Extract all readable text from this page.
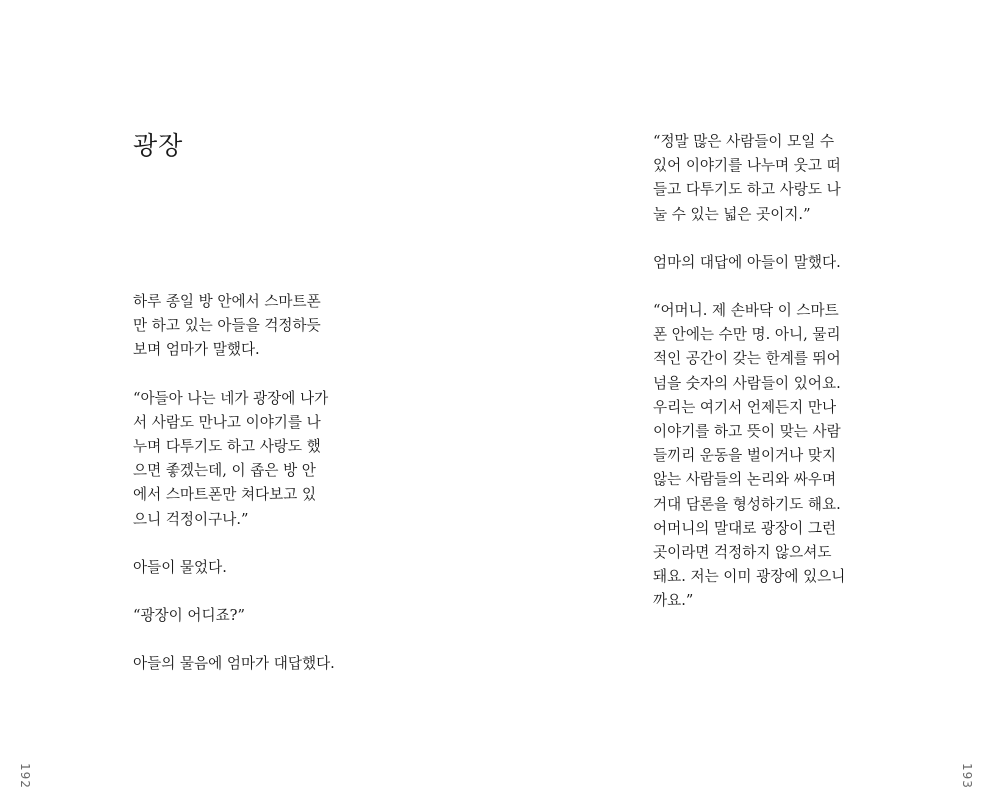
광장
하루 종일 방 안에서 스마트폰
만 하고 있는 아들을 걱정하듯
보며 엄마가 말했다.
“아들아 나는 네가 광장에 나가
서 사람도 만나고 이야기를 나
누며 다투기도 하고 사랑도 했
으면 좋겠는데, 이 좁은 방 안
에서 스마트폰만 쳐다보고 있
으니 걱정이구나.”
아들이 물었다.
“광장이 어디죠?”
아들의 물음에 엄마가 대답했다.
192
“정말 많은 사람들이 모일 수
있어 이야기를 나누며 웃고 떠
들고 다투기도 하고 사랑도 나
눌 수 있는 넓은 곳이지.”
엄마의 대답에 아들이 말했다.
“어머니. 제 손바닥 이 스마트
폰 안에는 수만 명. 아니, 물리
적인 공간이 갖는 한계를 뛰어
넘을 숫자의 사람들이 있어요.
우리는 여기서 언제든지 만나
이야기를 하고 뜻이 맞는 사람
들끼리 운동을 벌이거나 맞지
않는 사람들의 논리와 싸우며
거대 담론을 형성하기도 해요.
어머니의 말대로 광장이 그런
곳이라면 걱정하지 않으셔도
돼요. 저는 이미 광장에 있으니
까요.”
193
